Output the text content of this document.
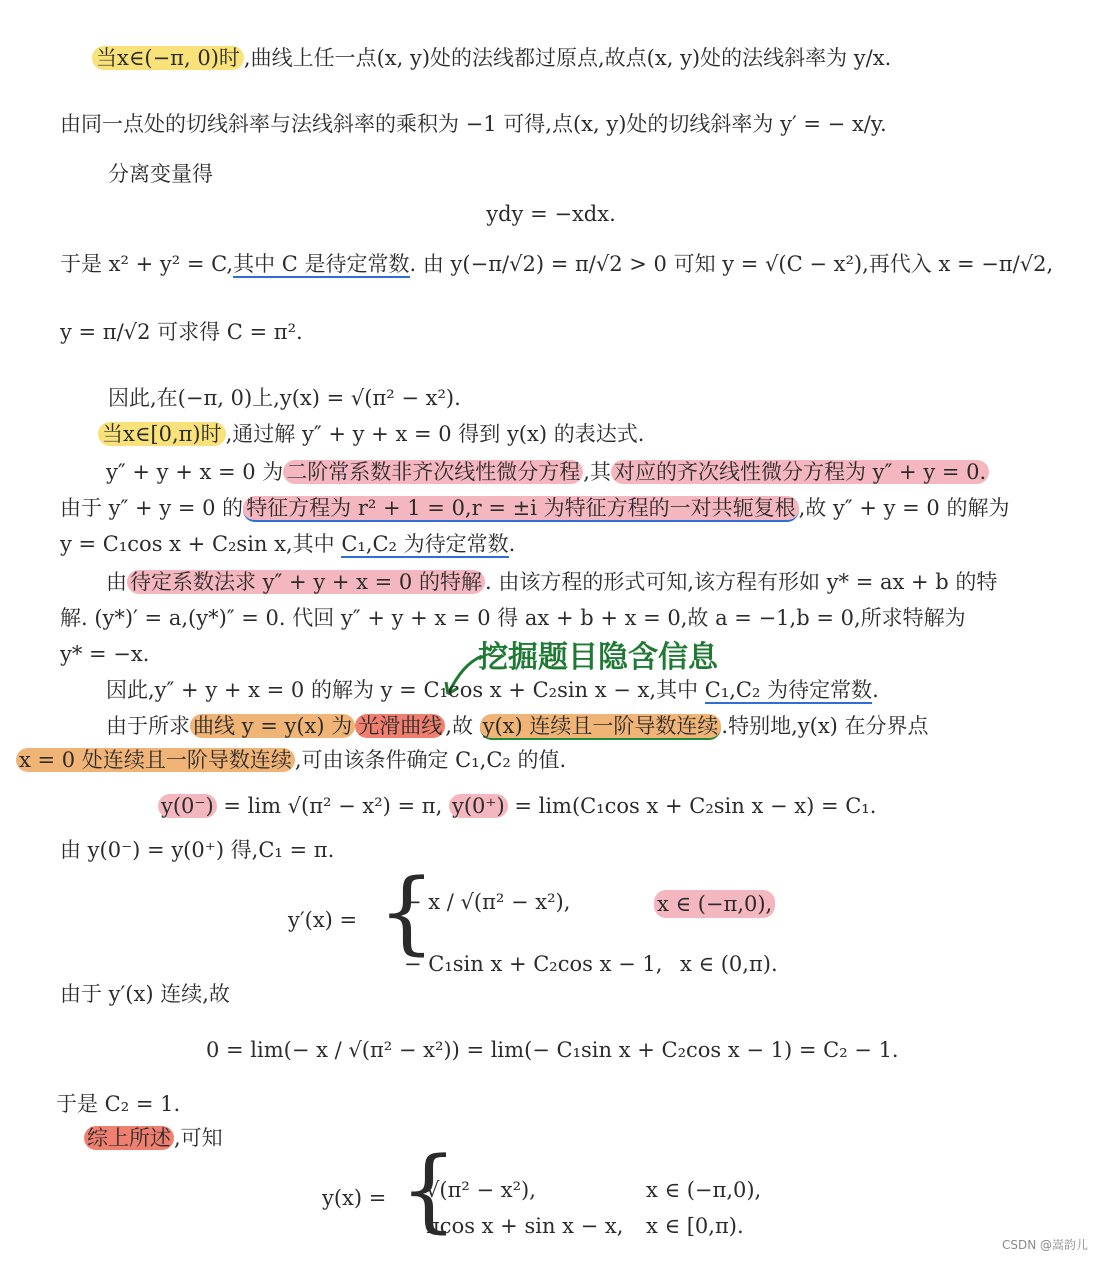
当x∈(−π, 0)时 ,曲线上任一点(x, y)处的法线都过原点,故点(x, y)处的法线斜率为 y/x.
由同一点处的切线斜率与法线斜率的乘积为 −1 可得,点(x, y)处的切线斜率为 y′ = − x/y.
分离变量得
ydy = −xdx.
于是 x² + y² = C,其中 C 是待定常数. 由 y(−π/√2) = π/√2 > 0 可知 y = √(C − x²),再代入 x = −π/√2,
y = π/√2 可求得 C = π².
因此,在(−π, 0)上,y(x) = √(π² − x²).
当x∈[0,π)时 ,通过解 y″ + y + x = 0 得到 y(x) 的表达式.
y″ + y + x = 0 为 二阶常系数非齐次线性微分方程 ,其 对应的齐次线性微分方程为 y″ + y = 0.
由于 y″ + y = 0 的 特征方程为 r² + 1 = 0,r = ±i 为特征方程的一对共轭复根 ,故 y″ + y = 0 的解为
y = C₁cos x + C₂sin x,其中 C₁,C₂ 为待定常数.
由 待定系数法求 y″ + y + x = 0 的特解 . 由该方程的形式可知,该方程有形如 y* = ax + b 的特
解. (y*)′ = a,(y*)″ = 0. 代回 y″ + y + x = 0 得 ax + b + x = 0,故 a = −1,b = 0,所求特解为
y* = −x.	挖掘题目隐含信息
因此,y″ + y + x = 0 的解为 y = C₁cos x + C₂sin x − x,其中 C₁,C₂ 为待定常数.
由于所求 曲线 y = y(x) 为 光滑曲线 ,故 y(x) 连续且一阶导数连续 .特别地,y(x) 在分界点
x = 0 处连续且一阶导数连续 ,可由该条件确定 C₁,C₂ 的值.
y(0⁻) = lim √(π² − x²) = π, y(0⁺) = lim(C₁cos x + C₂sin x − x) = C₁.
由 y(0⁻) = y(0⁺) 得,C₁ = π.
y′(x) = {
− x / √(π² − x²),	x ∈ (−π,0),
− C₁sin x + C₂cos x − 1, x ∈ (0,π).
由于 y′(x) 连续,故
0 = lim(− x / √(π² − x²)) = lim(− C₁sin x + C₂cos x − 1) = C₂ − 1.
于是 C₂ = 1.
综上所述 ,可知
y(x) = {
√(π² − x²),	x ∈ (−π,0),
πcos x + sin x − x, x ∈ [0,π).
CSDN @嵩韵儿
